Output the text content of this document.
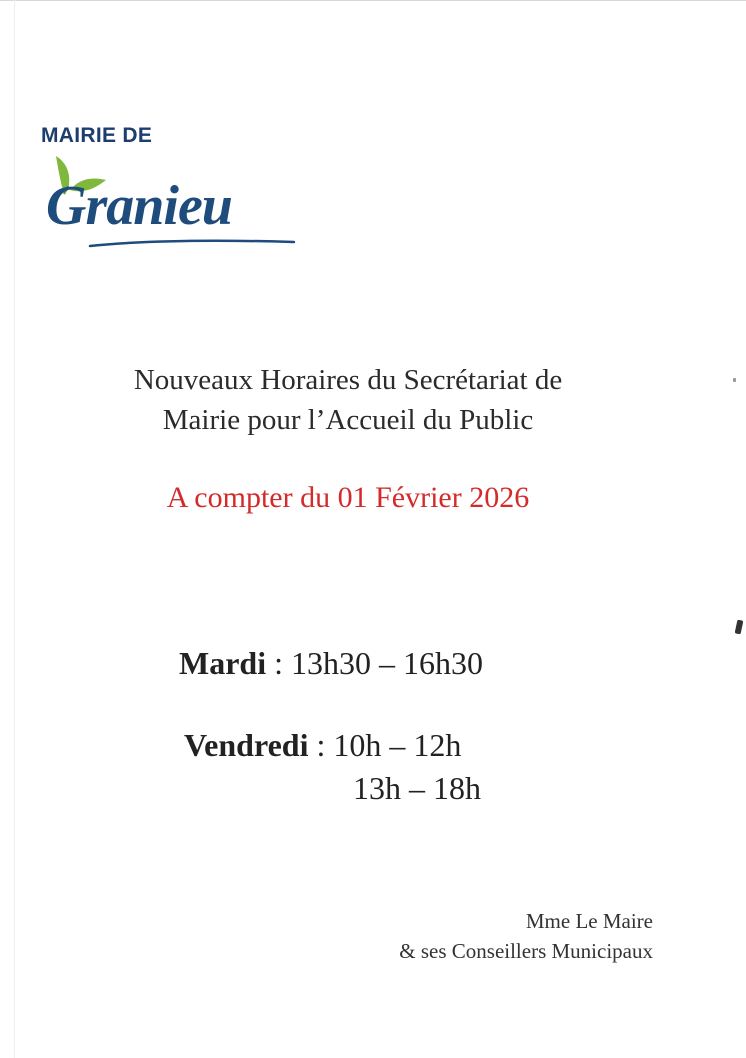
MAIRIE DE

Granieu

Nouveaux Horaires du Secrétariat de
Mairie pour l’Accueil du Public

A compter du 01 Février 2026

Mardi : 13h30 – 16h30
Vendredi : 10h – 12h
13h – 18h
Mme Le Maire
& ses Conseillers Municipaux
